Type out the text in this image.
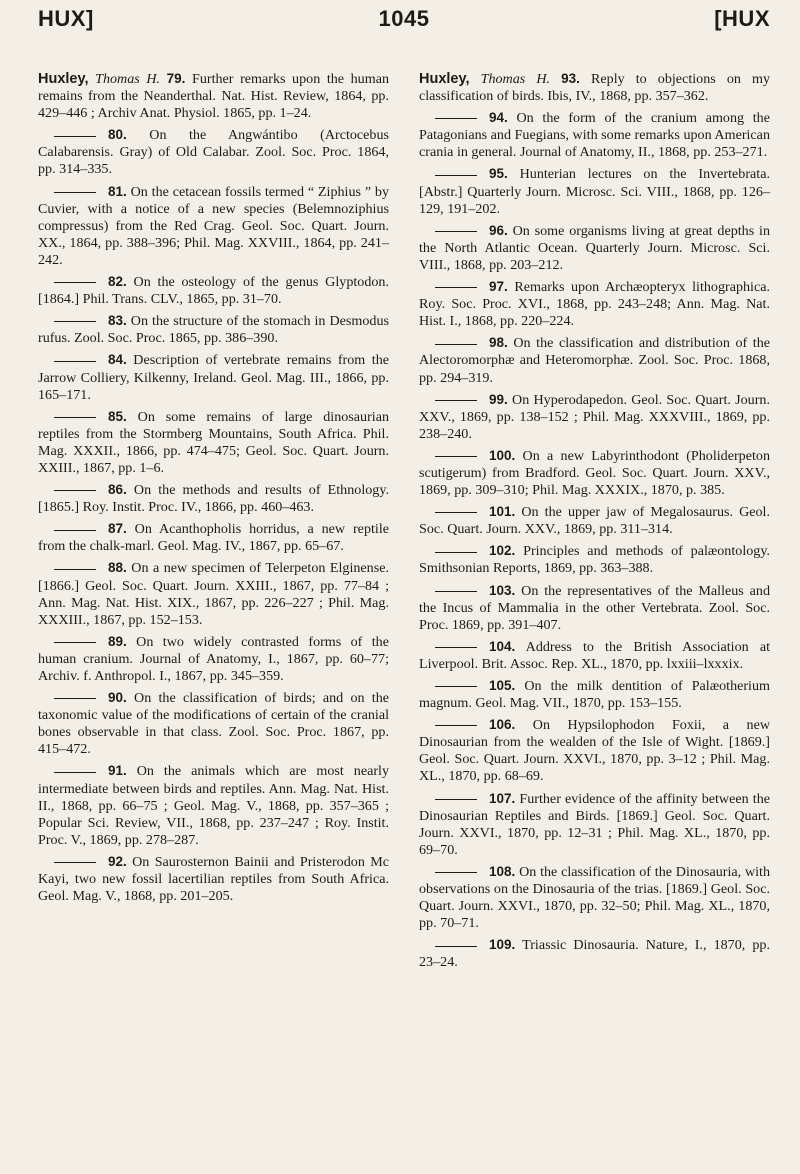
HUX]	1045	[HUX

Huxley, Thomas H. 79. Further remarks upon the human remains from the Neanderthal. Nat. Hist. Review, 1864, pp. 429–446 ; Archiv Anat. Physiol. 1865, pp. 1–24.

80. On the Angwántibo (Arctocebus Calabarensis. Gray) of Old Calabar. Zool. Soc. Proc. 1864, pp. 314–335.

81. On the cetacean fossils termed “ Ziphius ” by Cuvier, with a notice of a new species (Belemnoziphius compressus) from the Red Crag. Geol. Soc. Quart. Journ. XX., 1864, pp. 388–396; Phil. Mag. XXVIII., 1864, pp. 241–242.

82. On the osteology of the genus Glyptodon. [1864.] Phil. Trans. CLV., 1865, pp. 31–70.

83. On the structure of the stomach in Desmodus rufus. Zool. Soc. Proc. 1865, pp. 386–390.

84. Description of vertebrate remains from the Jarrow Colliery, Kilkenny, Ireland. Geol. Mag. III., 1866, pp. 165–171.

85. On some remains of large dinosaurian reptiles from the Stormberg Mountains, South Africa. Phil. Mag. XXXII., 1866, pp. 474–475; Geol. Soc. Quart. Journ. XXIII., 1867, pp. 1–6.

86. On the methods and results of Ethnology. [1865.] Roy. Instit. Proc. IV., 1866, pp. 460–463.

87. On Acanthopholis horridus, a new reptile from the chalk-marl. Geol. Mag. IV., 1867, pp. 65–67.

88. On a new specimen of Telerpeton Elginense. [1866.] Geol. Soc. Quart. Journ. XXIII., 1867, pp. 77–84 ; Ann. Mag. Nat. Hist. XIX., 1867, pp. 226–227 ; Phil. Mag. XXXIII., 1867, pp. 152–153.

89. On two widely contrasted forms of the human cranium. Journal of Anatomy, I., 1867, pp. 60–77; Archiv. f. Anthropol. I., 1867, pp. 345–359.

90. On the classification of birds; and on the taxonomic value of the modifications of certain of the cranial bones observable in that class. Zool. Soc. Proc. 1867, pp. 415–472.

91. On the animals which are most nearly intermediate between birds and reptiles. Ann. Mag. Nat. Hist. II., 1868, pp. 66–75 ; Geol. Mag. V., 1868, pp. 357–365 ; Popular Sci. Review, VII., 1868, pp. 237–247 ; Roy. Instit. Proc. V., 1869, pp. 278–287.

92. On Saurosternon Bainii and Pristerodon Mc Kayi, two new fossil lacertilian reptiles from South Africa. Geol. Mag. V., 1868, pp. 201–205.

Huxley, Thomas H. 93. Reply to objections on my classification of birds. Ibis, IV., 1868, pp. 357–362.

94. On the form of the cranium among the Patagonians and Fuegians, with some remarks upon American crania in general. Journal of Anatomy, II., 1868, pp. 253–271.

95. Hunterian lectures on the Invertebrata. [Abstr.] Quarterly Journ. Microsc. Sci. VIII., 1868, pp. 126–129, 191–202.

96. On some organisms living at great depths in the North Atlantic Ocean. Quarterly Journ. Microsc. Sci. VIII., 1868, pp. 203–212.

97. Remarks upon Archæopteryx lithographica. Roy. Soc. Proc. XVI., 1868, pp. 243–248; Ann. Mag. Nat. Hist. I., 1868, pp. 220–224.

98. On the classification and distribution of the Alectoromorphæ and Heteromorphæ. Zool. Soc. Proc. 1868, pp. 294–319.

99. On Hyperodapedon. Geol. Soc. Quart. Journ. XXV., 1869, pp. 138–152 ; Phil. Mag. XXXVIII., 1869, pp. 238–240.

100. On a new Labyrinthodont (Pholiderpeton scutigerum) from Bradford. Geol. Soc. Quart. Journ. XXV., 1869, pp. 309–310; Phil. Mag. XXXIX., 1870, p. 385.

101. On the upper jaw of Megalosaurus. Geol. Soc. Quart. Journ. XXV., 1869, pp. 311–314.

102. Principles and methods of palæontology. Smithsonian Reports, 1869, pp. 363–388.

103. On the representatives of the Malleus and the Incus of Mammalia in the other Vertebrata. Zool. Soc. Proc. 1869, pp. 391–407.

104. Address to the British Association at Liverpool. Brit. Assoc. Rep. XL., 1870, pp. lxxiii–lxxxix.

105. On the milk dentition of Palæotherium magnum. Geol. Mag. VII., 1870, pp. 153–155.

106. On Hypsilophodon Foxii, a new Dinosaurian from the wealden of the Isle of Wight. [1869.] Geol. Soc. Quart. Journ. XXVI., 1870, pp. 3–12 ; Phil. Mag. XL., 1870, pp. 68–69.

107. Further evidence of the affinity between the Dinosaurian Reptiles and Birds. [1869.] Geol. Soc. Quart. Journ. XXVI., 1870, pp. 12–31 ; Phil. Mag. XL., 1870, pp. 69–70.

108. On the classification of the Dinosauria, with observations on the Dinosauria of the trias. [1869.] Geol. Soc. Quart. Journ. XXVI., 1870, pp. 32–50; Phil. Mag. XL., 1870, pp. 70–71.

109. Triassic Dinosauria. Nature, I., 1870, pp. 23–24.
